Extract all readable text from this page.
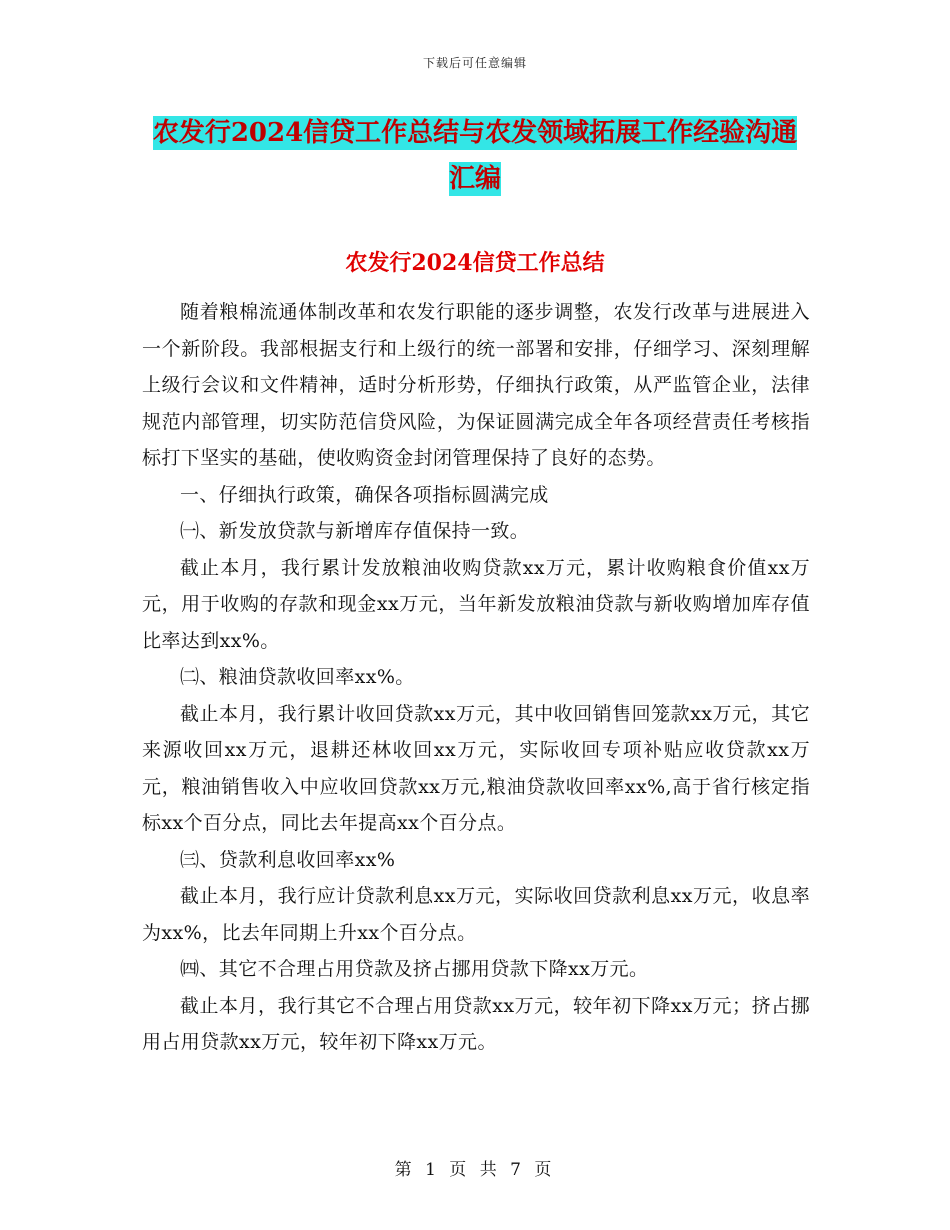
下载后可任意编辑
农发行2024信贷工作总结与农发领域拓展工作经验沟通汇编
农发行2024信贷工作总结

随着粮棉流通体制改革和农发行职能的逐步调整，农发行改革与进展进入一个新阶段。我部根据支行和上级行的统一部署和安排，仔细学习、深刻理解上级行会议和文件精神，适时分析形势，仔细执行政策，从严监管企业，法律规范内部管理，切实防范信贷风险，为保证圆满完成全年各项经营责任考核指标打下坚实的基础，使收购资金封闭管理保持了良好的态势。

一、仔细执行政策，确保各项指标圆满完成

㈠、新发放贷款与新增库存值保持一致。

截止本月，我行累计发放粮油收购贷款xx万元，累计收购粮食价值xx万元，用于收购的存款和现金xx万元，当年新发放粮油贷款与新收购增加库存值比率达到xx%。

㈡、粮油贷款收回率xx%。

截止本月，我行累计收回贷款xx万元，其中收回销售回笼款xx万元，其它来源收回xx万元，退耕还林收回xx万元，实际收回专项补贴应收贷款xx万元，粮油销售收入中应收回贷款xx万元,粮油贷款收回率xx%,高于省行核定指标xx个百分点，同比去年提高xx个百分点。

㈢、贷款利息收回率xx%

截止本月，我行应计贷款利息xx万元，实际收回贷款利息xx万元，收息率为xx%，比去年同期上升xx个百分点。

㈣、其它不合理占用贷款及挤占挪用贷款下降xx万元。

截止本月，我行其它不合理占用贷款xx万元，较年初下降xx万元；挤占挪用占用贷款xx万元，较年初下降xx万元。

第 1 页 共 7 页
